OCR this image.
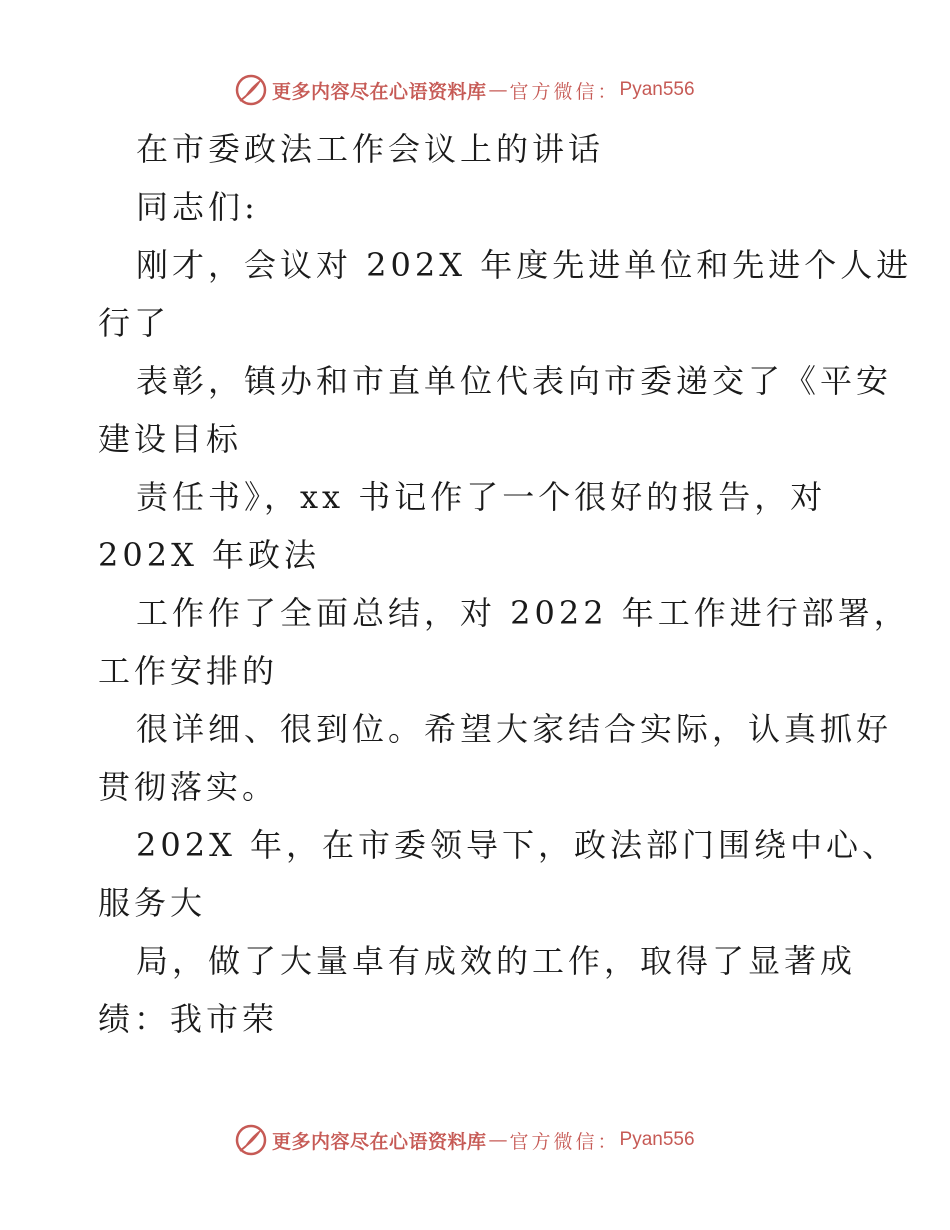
更多内容尽在心语资料库 — 官方微信： Pyan556
在市委政法工作会议上的讲话
同志们:
刚才，会议对 202X 年度先进单位和先进个人进
行了
表彰，镇办和市直单位代表向市委递交了《平安
建设目标
责任书》，xx 书记作了一个很好的报告，对
202X 年政法
工作作了全面总结，对 2022 年工作进行部署，
工作安排的
很详细、很到位。希望大家结合实际，认真抓好
贯彻落实。
202X 年，在市委领导下，政法部门围绕中心、
服务大
局，做了大量卓有成效的工作，取得了显著成
绩：我市荣
更多内容尽在心语资料库 — 官方微信： Pyan556
